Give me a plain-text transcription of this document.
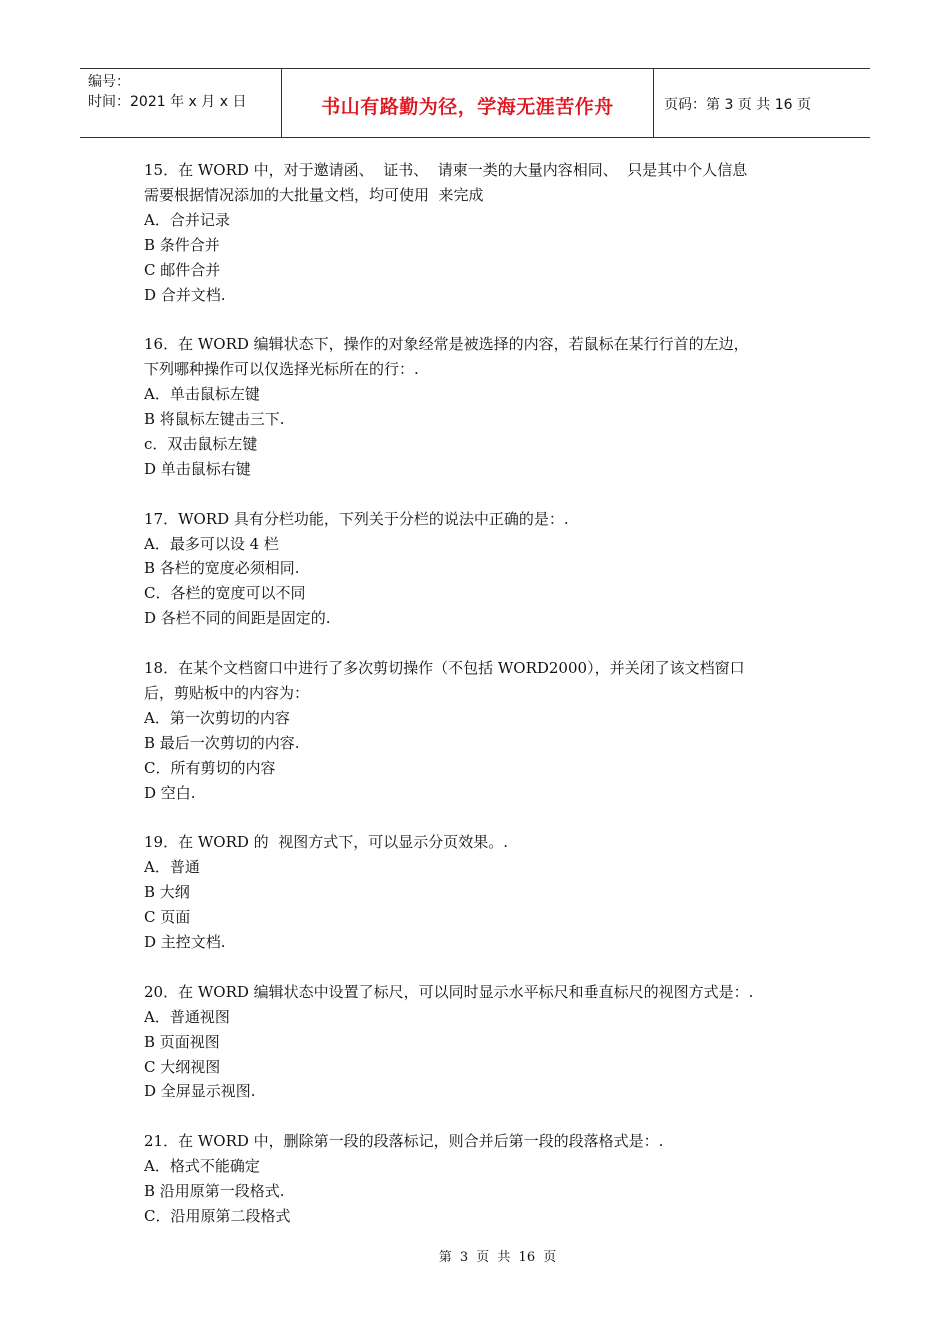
编号：
时间：2021 年 x 月 x 日	书山有路勤为径，学海无涯苦作舟	页码：第 3 页 共 16 页

15．在 WORD 中，对于邀请函、  证书、  请柬一类的大量内容相同、  只是其中个人信息

需要根据情况添加的大批量文档，均可使用  来完成

A．合并记录

B 条件合并

C 邮件合并

D 合并文档.

16．在 WORD 编辑状态下，操作的对象经常是被选择的内容，若鼠标在某行行首的左边，

下列哪种操作可以仅选择光标所在的行：.

A．单击鼠标左键

B 将鼠标左键击三下.

c．双击鼠标左键

D 单击鼠标右键

17．WORD 具有分栏功能，下列关于分栏的说法中正确的是：.

A．最多可以设 4 栏

B 各栏的宽度必须相同.

C．各栏的宽度可以不同

D 各栏不同的间距是固定的.

18．在某个文档窗口中进行了多次剪切操作（不包括 WORD2000），并关闭了该文档窗口

后，剪贴板中的内容为：

A．第一次剪切的内容

B 最后一次剪切的内容.

C．所有剪切的内容

D 空白.

19．在 WORD 的  视图方式下，可以显示分页效果。.

A．普通

B 大纲

C 页面

D 主控文档.

20．在 WORD 编辑状态中设置了标尺，可以同时显示水平标尺和垂直标尺的视图方式是：.

A．普通视图

B 页面视图

C 大纲视图

D 全屏显示视图.

21．在 WORD 中，删除第一段的段落标记，则合并后第一段的段落格式是：.

A．格式不能确定

B 沿用原第一段格式.

C．沿用原第二段格式

第 3 页 共 16 页
